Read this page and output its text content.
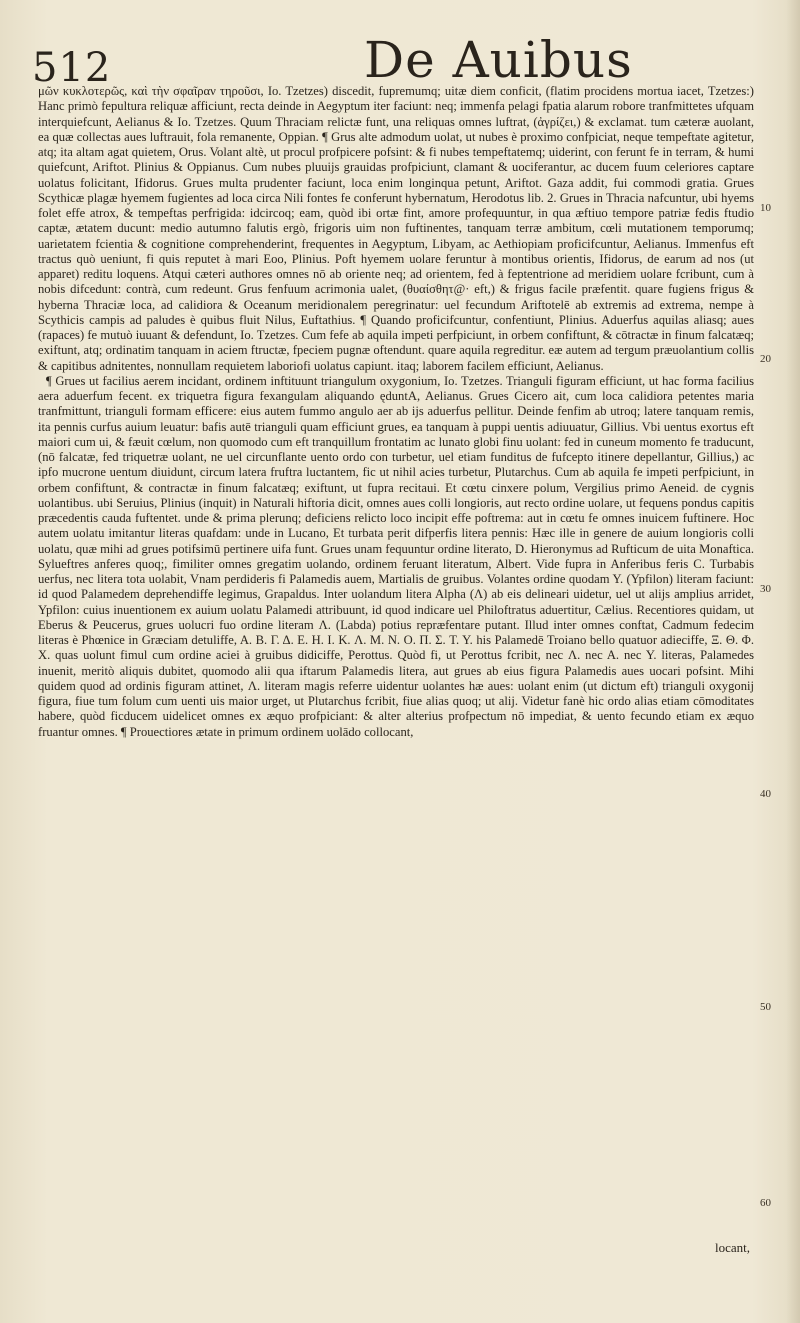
512	De Auibus

μῶν κυκλοτερῶς, καὶ τὴν σφαῖραν τηροῦσι, Io. Tzetzes) discedit, fupremumq; uitæ diem conficit, (flatim procidens mortua iacet, Tzetzes:) Hanc primò fepultura reliquæ afficiunt, recta deinde in Aegyptum iter faciunt: neq; immenfa pelagi fpatia alarum robore tranfmittetes ufquam interquiefcunt, Aelianus & Io. Tzetzes. Quum Thraciam relictæ funt, una reliquas omnes luftrat, (ἀγρίζει,) & exclamat. tum cæteræ auolant, ea quæ collectas aues luftrauit, fola remanente, Oppian. ¶ Grus alte admodum uolat, ut nubes è proximo confpiciat, neque tempeftate agitetur, atq; ita altam agat quietem, Orus. Volant altè, ut procul profpicere pofsint: & fi nubes tempeftatemq; uiderint, con ferunt fe in terram, & humi quiefcunt, Ariftot. Plinius & Oppianus. Cum nubes pluuijs grauidas profpiciunt, clamant & uociferantur, ac ducem fuum celeriores captare uolatus folicitant, Ifidorus. Grues multa prudenter faciunt, loca enim longinqua petunt, Ariftot. Gaza addit, fui commodi gratia. Grues Scythicæ plagæ hyemem fugientes ad loca circa Nili fontes fe conferunt hybernatum, Herodotus lib. 2. Grues in Thracia nafcuntur, ubi hyems folet effe atrox, & tempeftas perfrigida: idcircoq; eam, quòd ibi ortæ fint, amore profequuntur, in qua æftiuo tempore patriæ fedis ftudio captæ, ætatem ducunt: medio autumno falutis ergò, frigoris uim non fuftinentes, tanquam terræ ambitum, cœli mutationem temporumq; uarietatem fcientia & cognitione comprehenderint, frequentes in Aegyptum, Libyam, ac Aethiopiam proficifcuntur, Aelianus. Immenfus eft tractus quò ueniunt, fi quis reputet à mari Eoo, Plinius. Poft hyemem uolare feruntur à montibus orientis, Ifidorus, de earum ad nos (ut apparet) reditu loquens. Atqui cæteri authores omnes nō ab oriente neq; ad orientem, fed à feptentrione ad meridiem uolare fcribunt, cum à nobis difcedunt: contrà, cum redeunt. Grus fenfuum acrimonia ualet, (θυαίσθητ@· eft,) & frigus facile præfentit. quare fugiens frigus & hyberna Thraciæ loca, ad calidiora & Oceanum meridionalem peregrinatur: uel fecundum Ariftotelē ab extremis ad extrema, nempe à Scythicis campis ad paludes è quibus fluit Nilus, Euftathius. ¶ Quando proficifcuntur, confentiunt, Plinius. Aduerfus aquilas aliasq; aues (rapaces) fe mutuò iuuant & defendunt, Io. Tzetzes. Cum fefe ab aquila impeti perfpiciunt, in orbem confiftunt, & cōtractæ in finum falcatæq; exiftunt, atq; ordinatim tanquam in aciem ftructæ, fpeciem pugnæ oftendunt. quare aquila regreditur. eæ autem ad tergum præuolantium collis & capitibus adnitentes, nonnullam requietem laboriofi uolatus capiunt. itaq; laborem facilem efficiunt, Aelianus.

¶ Grues ut facilius aerem incidant, ordinem inftituunt triangulum oxygonium, Io. Tzetzes. Trianguli figuram efficiunt, ut hac forma facilius aera aduerfum fecent. ex triquetra figura fexangulam aliquando ęduntA, Aelianus. Grues Cicero ait, cum loca calidiora petentes maria tranfmittunt, trianguli formam efficere: eius autem fummo angulo aer ab ijs aduerfus pellitur. Deinde fenfim ab utroq; latere tanquam remis, ita pennis curfus auium leuatur: bafis autē trianguli quam efficiunt grues, ea tanquam à puppi uentis adiuuatur, Gillius. Vbi uentus exortus eft maiori cum ui, & fæuit cœlum, non quomodo cum eft tranquillum frontatim ac lunato globi finu uolant: fed in cuneum momento fe traducunt, (nō falcatæ, fed triquetræ uolant, ne uel circunflante uento ordo con turbetur, uel etiam funditus de fufcepto itinere depellantur, Gillius,) ac ipfo mucrone uentum diuidunt, circum latera fruftra luctantem, fic ut nihil acies turbetur, Plutarchus. Cum ab aquila fe impeti perfpiciunt, in orbem confiftunt, & contractæ in finum falcatæq; exiftunt, ut fupra recitaui. Et cœtu cinxere polum, Vergilius primo Aeneid. de cygnis uolantibus. ubi Seruius, Plinius (inquit) in Naturali hiftoria dicit, omnes aues colli longioris, aut recto ordine uolare, ut fequens pondus capitis præcedentis cauda fuftentet. unde & prima plerunq; deficiens relicto loco incipit effe poftrema: aut in cœtu fe omnes inuicem fuftinere. Hoc autem uolatu imitantur literas quafdam: unde in Lucano, Et turbata perit difperfis litera pennis: Hæc ille in genere de auium longioris colli uolatu, quæ mihi ad grues potifsimū pertinere uifa funt. Grues unam fequuntur ordine literato, D. Hieronymus ad Rufticum de uita Monaftica. Sylueftres anferes quoq;, fimiliter omnes gregatim uolando, ordinem feruant literatum, Albert. Vide fupra in Anferibus feris C. Turbabis uerfus, nec litera tota uolabit, Vnam perdideris fi Palamedis auem, Martialis de gruibus. Volantes ordine quodam Y. (Ypfilon) literam faciunt: id quod Palamedem deprehendiffe legimus, Grapaldus. Inter uolandum litera Alpha (Λ) ab eis delineari uidetur, uel ut alijs amplius arridet, Ypfilon: cuius inuentionem ex auium uolatu Palamedi attribuunt, id quod indicare uel Philoftratus aduertitur, Cælius. Recentiores quidam, ut Eberus & Peucerus, grues uolucri fuo ordine literam Λ. (Labda) potius repræfentare putant. Illud inter omnes conftat, Cadmum fedecim literas è Phœnice in Græciam detuliffe, A. B. Γ. Δ. E. H. I. K. Λ. M. N. O. Π. Σ. T. Y. his Palamedē Troiano bello quatuor adieciffe, Ξ. Θ. Φ. X. quas uolunt fimul cum ordine aciei à gruibus didiciffe, Perottus. Quòd fi, ut Perottus fcribit, nec Λ. nec A. nec Y. literas, Palamedes inuenit, meritò aliquis dubitet, quomodo alii qua iftarum Palamedis litera, aut grues ab eius figura Palamedis aues uocari pofsint. Mihi quidem quod ad ordinis figuram attinet, Λ. literam magis referre uidentur uolantes hæ aues: uolant enim (ut dictum eft) trianguli oxygonij figura, fiue tum folum cum uenti uis maior urget, ut Plutarchus fcribit, fiue alias quoq; ut alij. Videtur fanè hic ordo alias etiam cōmoditates habere, quòd ficducem uidelicet omnes ex æquo profpiciant: & alter alterius profpectum nō impediat, & uento fecundo etiam ex æquo fruantur omnes. ¶ Prouectiores ætate in primum ordinem uolādo collocant,

10
20
30
40
50
60
locant,
